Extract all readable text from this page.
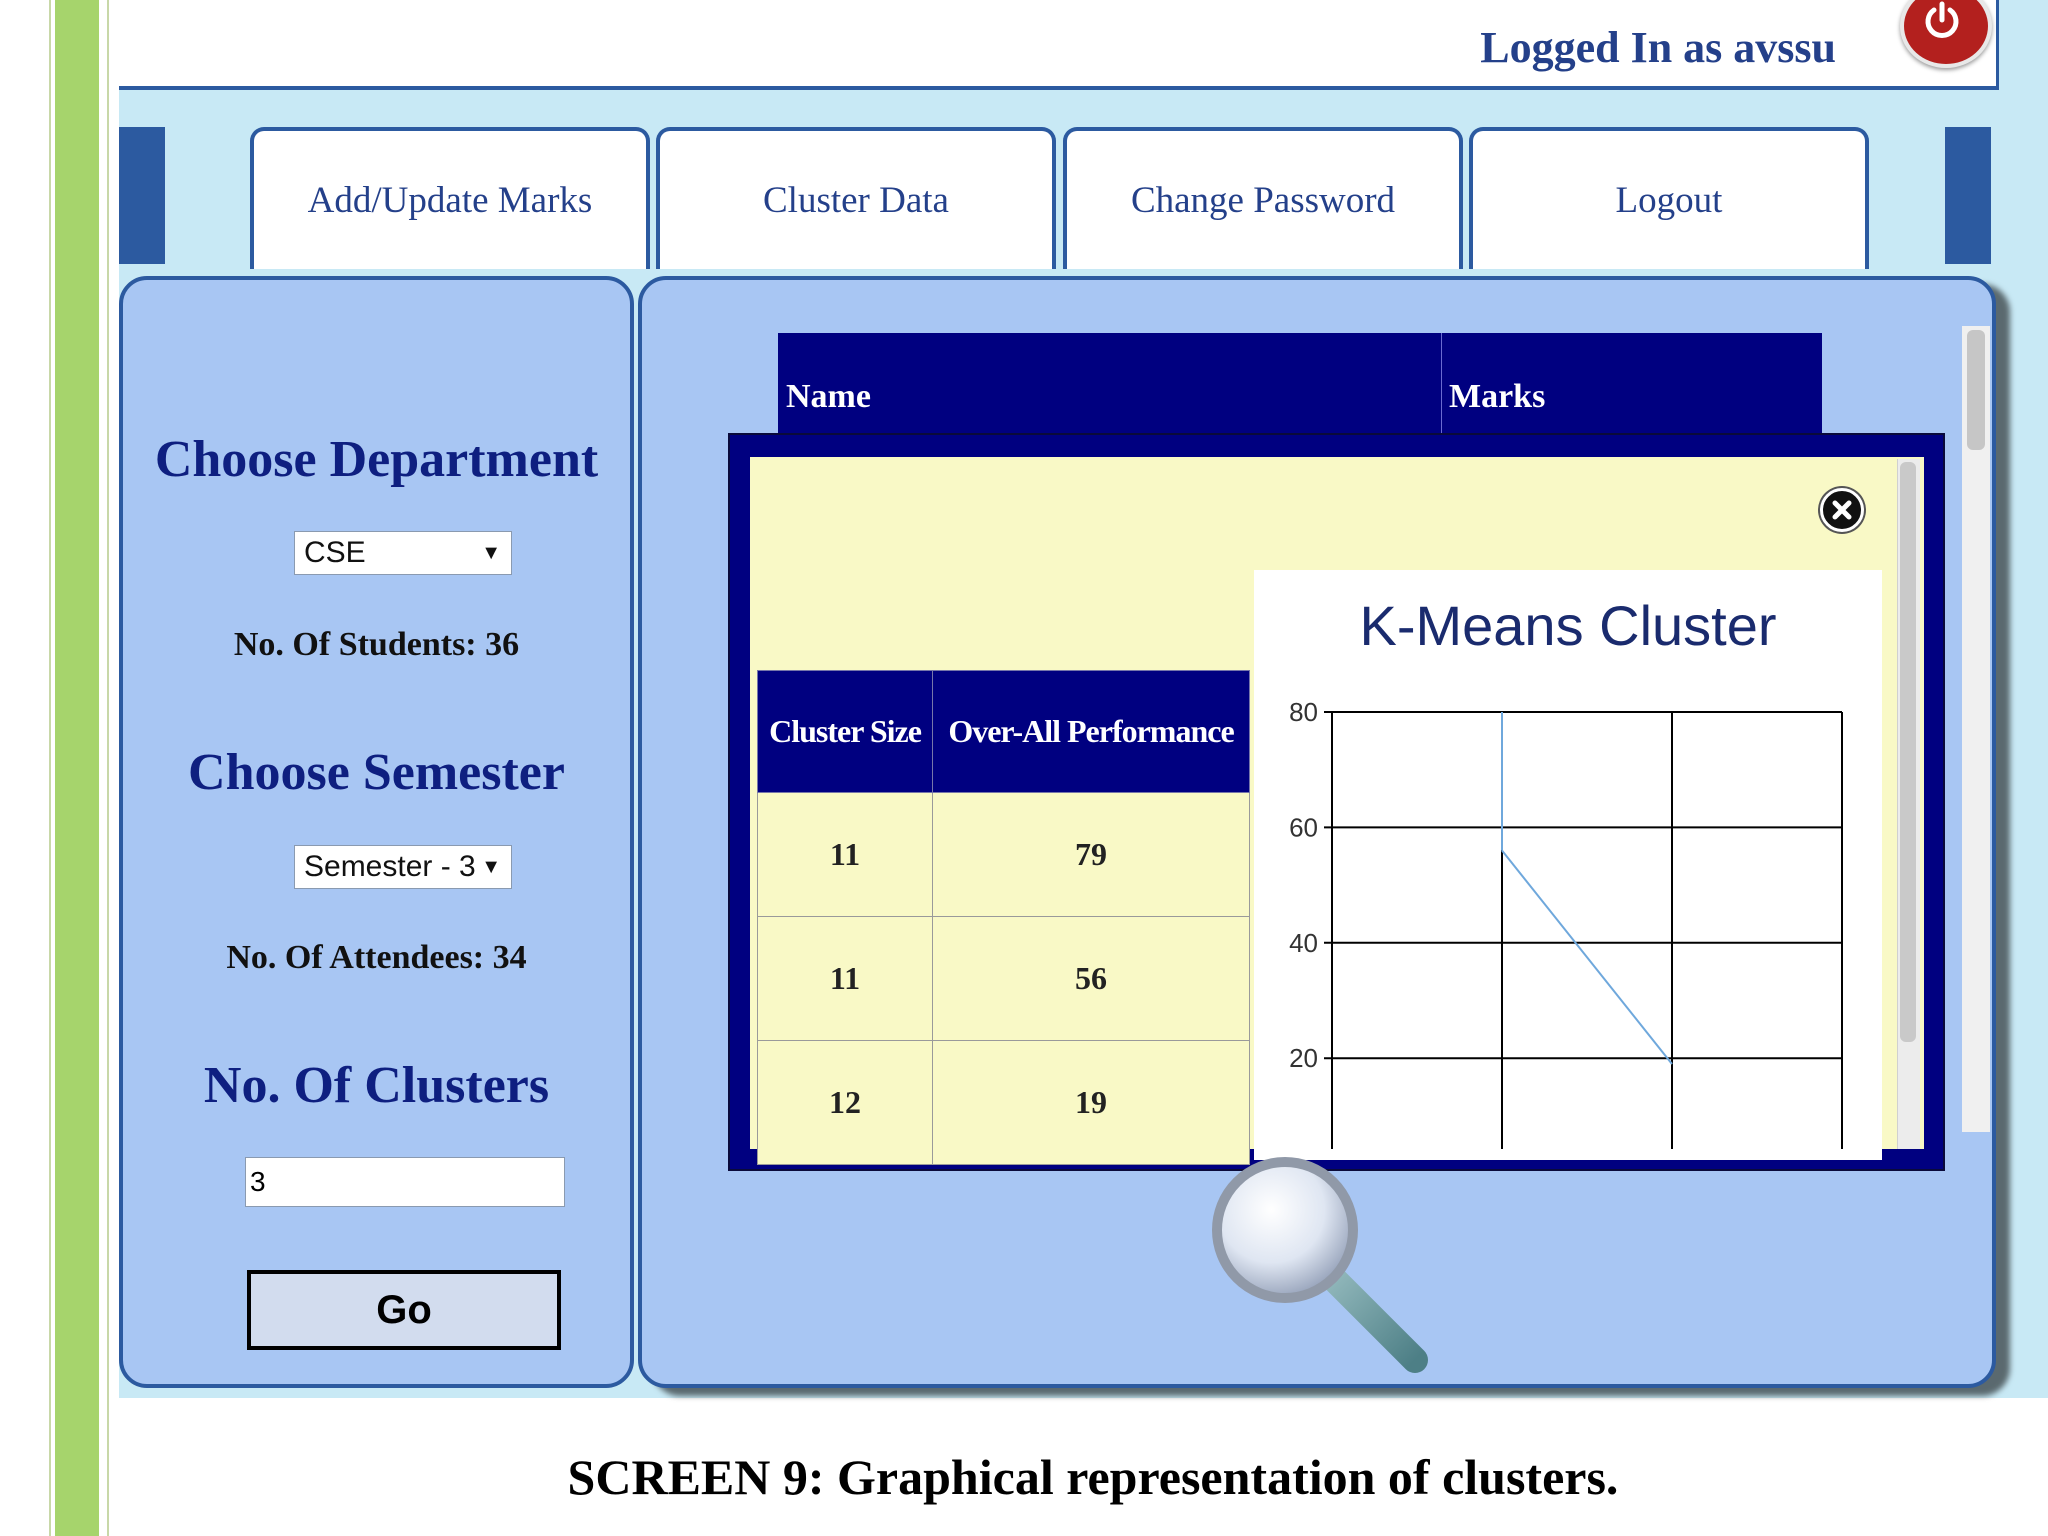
Logged In as avssu
Add/Update Marks	Cluster Data	Change Password	Logout
Choose Department
CSE	▼
No. Of Students: 36
Choose Semester
Semester - 3 ▼
No. Of Attendees: 34
No. Of Clusters
3
Go
Name	Marks
Cluster Size	Over-All Performance
11	79
11	56
12	19
K-Means Cluster
80
60
40
20
SCREEN 9: Graphical representation of clusters.
